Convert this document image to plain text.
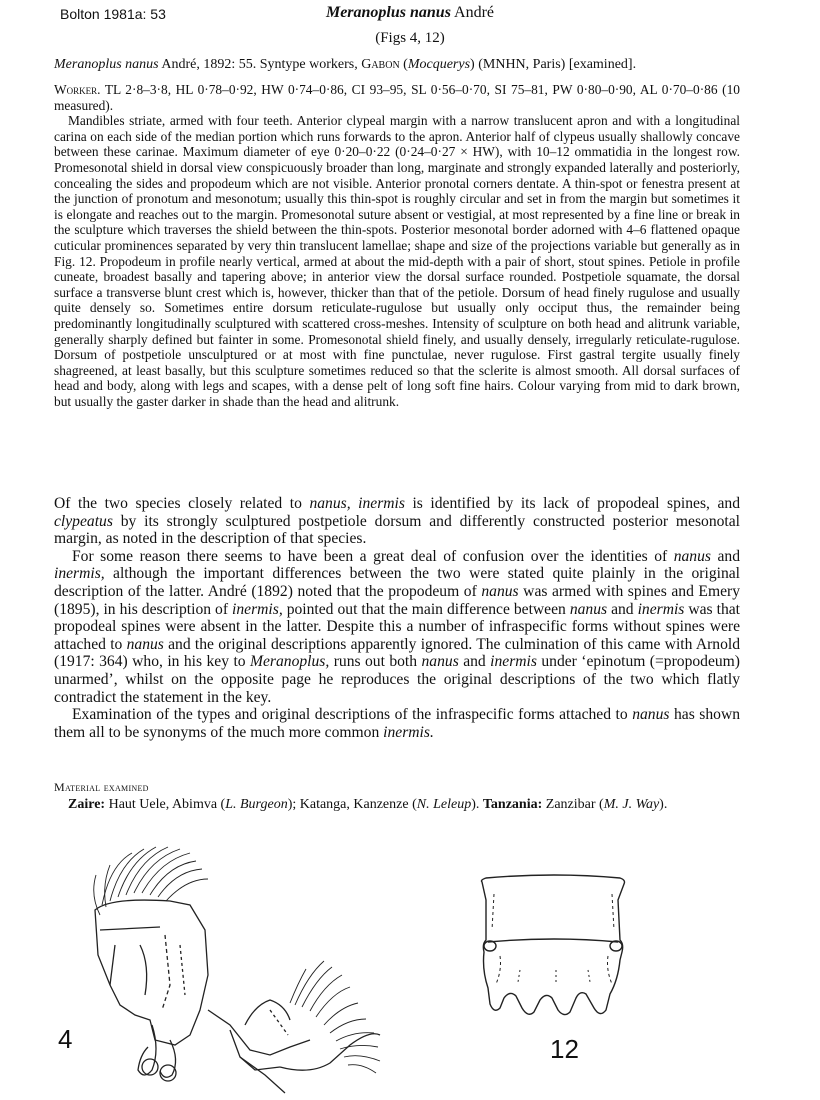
Bolton 1981a: 53	Meranoplus nanus André
(Figs 4, 12)
Meranoplus nanus André, 1892: 55. Syntype workers, Gabon (Mocquerys) (MNHN, Paris) [examined].

Worker. TL 2·8–3·8, HL 0·78–0·92, HW 0·74–0·86, CI 93–95, SL 0·56–0·70, SI 75–81, PW 0·80–0·90, AL 0·70–0·86 (10 measured).

Mandibles striate, armed with four teeth. Anterior clypeal margin with a narrow translucent apron and with a longitudinal carina on each side of the median portion which runs forwards to the apron. Anterior half of clypeus usually shallowly concave between these carinae. Maximum diameter of eye 0·20–0·22 (0·24–0·27 × HW), with 10–12 ommatidia in the longest row. Promesonotal shield in dorsal view conspicuously broader than long, marginate and strongly expanded laterally and posteriorly, concealing the sides and propodeum which are not visible. Anterior pronotal corners dentate. A thin-spot or fenestra present at the junction of pronotum and mesonotum; usually this thin-spot is roughly circular and set in from the margin but sometimes it is elongate and reaches out to the margin. Promesonotal suture absent or vestigial, at most represented by a fine line or break in the sculpture which traverses the shield between the thin-spots. Posterior mesonotal border adorned with 4–6 flattened opaque cuticular prominences separated by very thin translucent lamellae; shape and size of the projections variable but generally as in Fig. 12. Propodeum in profile nearly vertical, armed at about the mid-depth with a pair of short, stout spines. Petiole in profile cuneate, broadest basally and tapering above; in anterior view the dorsal surface rounded. Postpetiole squamate, the dorsal surface a transverse blunt crest which is, however, thicker than that of the petiole. Dorsum of head finely rugulose and usually quite densely so. Sometimes entire dorsum reticulate-rugulose but usually only occiput thus, the remainder being predominantly longitudinally sculptured with scattered cross-meshes. Intensity of sculpture on both head and alitrunk variable, generally sharply defined but fainter in some. Promesonotal shield finely, and usually densely, irregularly reticulate-rugulose. Dorsum of postpetiole unsculptured or at most with fine punctulae, never rugulose. First gastral tergite usually finely shagreened, at least basally, but this sculpture sometimes reduced so that the sclerite is almost smooth. All dorsal surfaces of head and body, along with legs and scapes, with a dense pelt of long soft fine hairs. Colour varying from mid to dark brown, but usually the gaster darker in shade than the head and alitrunk.

Of the two species closely related to nanus, inermis is identified by its lack of propodeal spines, and clypeatus by its strongly sculptured postpetiole dorsum and differently constructed posterior mesonotal margin, as noted in the description of that species.

For some reason there seems to have been a great deal of confusion over the identities of nanus and inermis, although the important differences between the two were stated quite plainly in the original description of the latter. André (1892) noted that the propodeum of nanus was armed with spines and Emery (1895), in his description of inermis, pointed out that the main difference between nanus and inermis was that propodeal spines were absent in the latter. Despite this a number of infraspecific forms without spines were attached to nanus and the original descriptions apparently ignored. The culmination of this came with Arnold (1917: 364) who, in his key to Meranoplus, runs out both nanus and inermis under ‘epinotum (=propodeum) unarmed’, whilst on the opposite page he reproduces the original descriptions of the two which flatly contradict the statement in the key.

Examination of the types and original descriptions of the infraspecific forms attached to nanus has shown them all to be synonyms of the much more common inermis.

Material examined
Zaire: Haut Uele, Abimva (L. Burgeon); Katanga, Kanzenze (N. Leleup). Tanzania: Zanzibar (M. J. Way).
4	12
